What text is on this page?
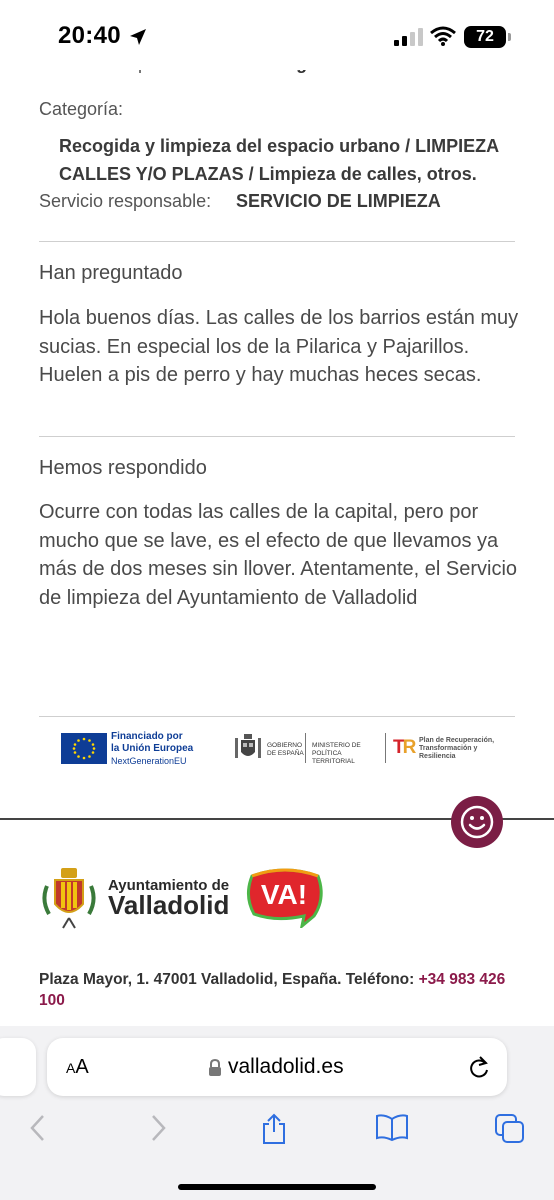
20:40	72
Categoría:
Recogida y limpieza del espacio urbano / LIMPIEZA CALLES Y/O PLAZAS / Limpieza de calles, otros.
Servicio responsable: SERVICIO DE LIMPIEZA
Han preguntado
Hola buenos días. Las calles de los barrios están muy sucias. En especial los de la Pilarica y Pajarillos. Huelen a pis de perro y hay muchas heces secas.
Hemos respondido
Ocurre con todas las calles de la capital, pero por mucho que se lave, es el efecto de que llevamos ya más de dos meses sin llover. Atentamente, el Servicio de limpieza del Ayuntamiento de Valladolid
Financiado por
la Unión Europea
NextGenerationEU
GOBIERNO DE ESPAÑA
MINISTERIO DE POLÍTICA TERRITORIAL
TR Plan de Recuperación, Transformación y Resiliencia
Ayuntamiento de
Valladolid VA!
Plaza Mayor, 1. 47001 Valladolid, España. Teléfono: +34 983 426 100
AA	valladolid.es
